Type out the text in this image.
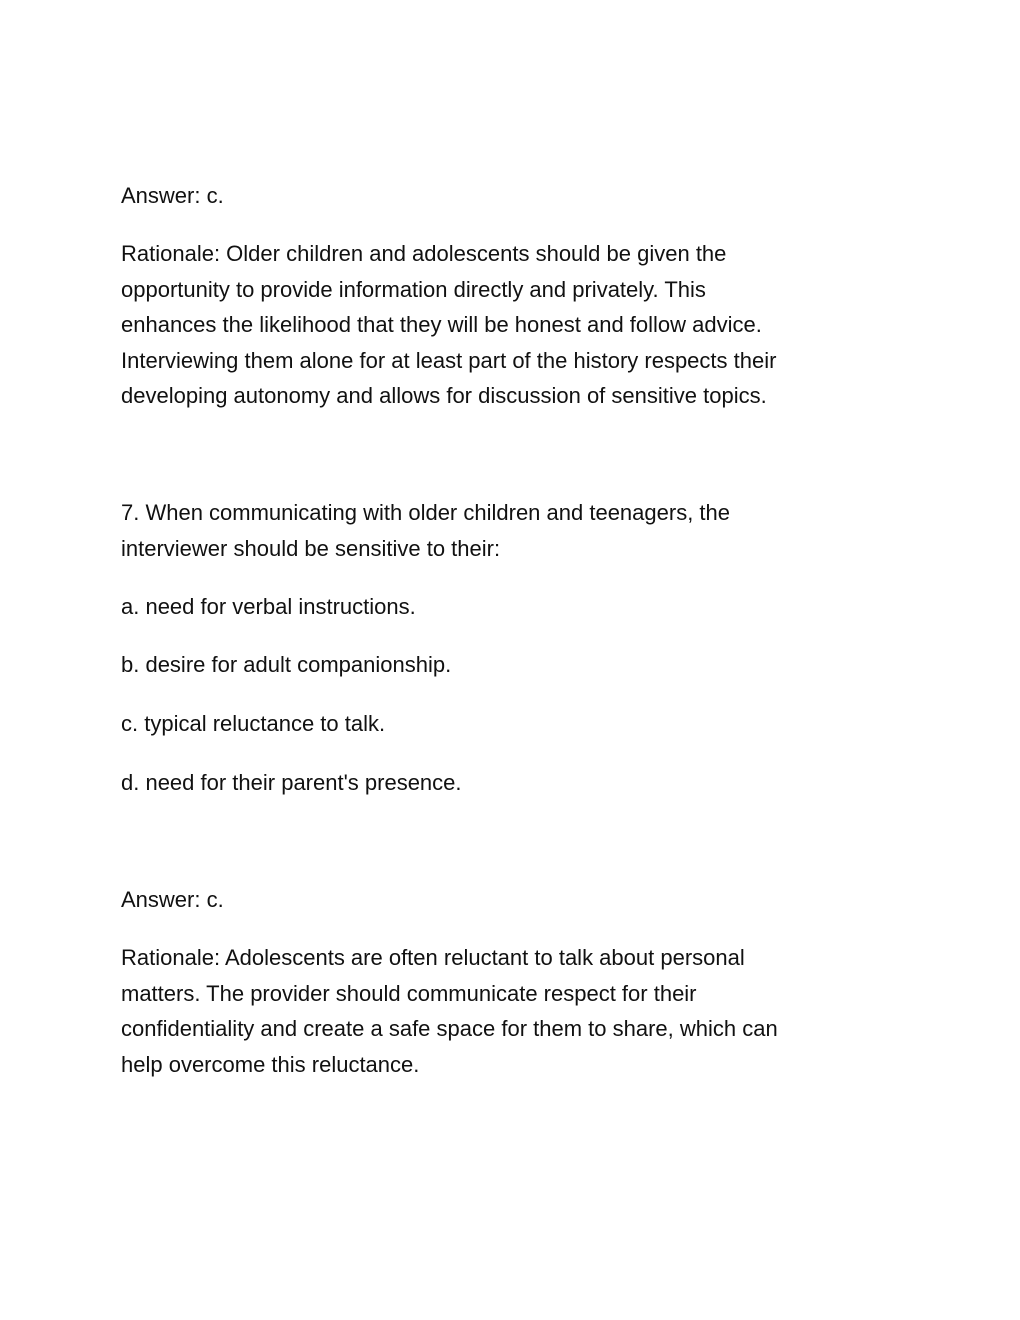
Answer: c.
Rationale: Older children and adolescents should be given the
opportunity to provide information directly and privately. This
enhances the likelihood that they will be honest and follow advice.
Interviewing them alone for at least part of the history respects their
developing autonomy and allows for discussion of sensitive topics.
7. When communicating with older children and teenagers, the
interviewer should be sensitive to their:
a. need for verbal instructions.
b. desire for adult companionship.
c. typical reluctance to talk.
d. need for their parent's presence.
Answer: c.
Rationale: Adolescents are often reluctant to talk about personal
matters. The provider should communicate respect for their
confidentiality and create a safe space for them to share, which can
help overcome this reluctance.
